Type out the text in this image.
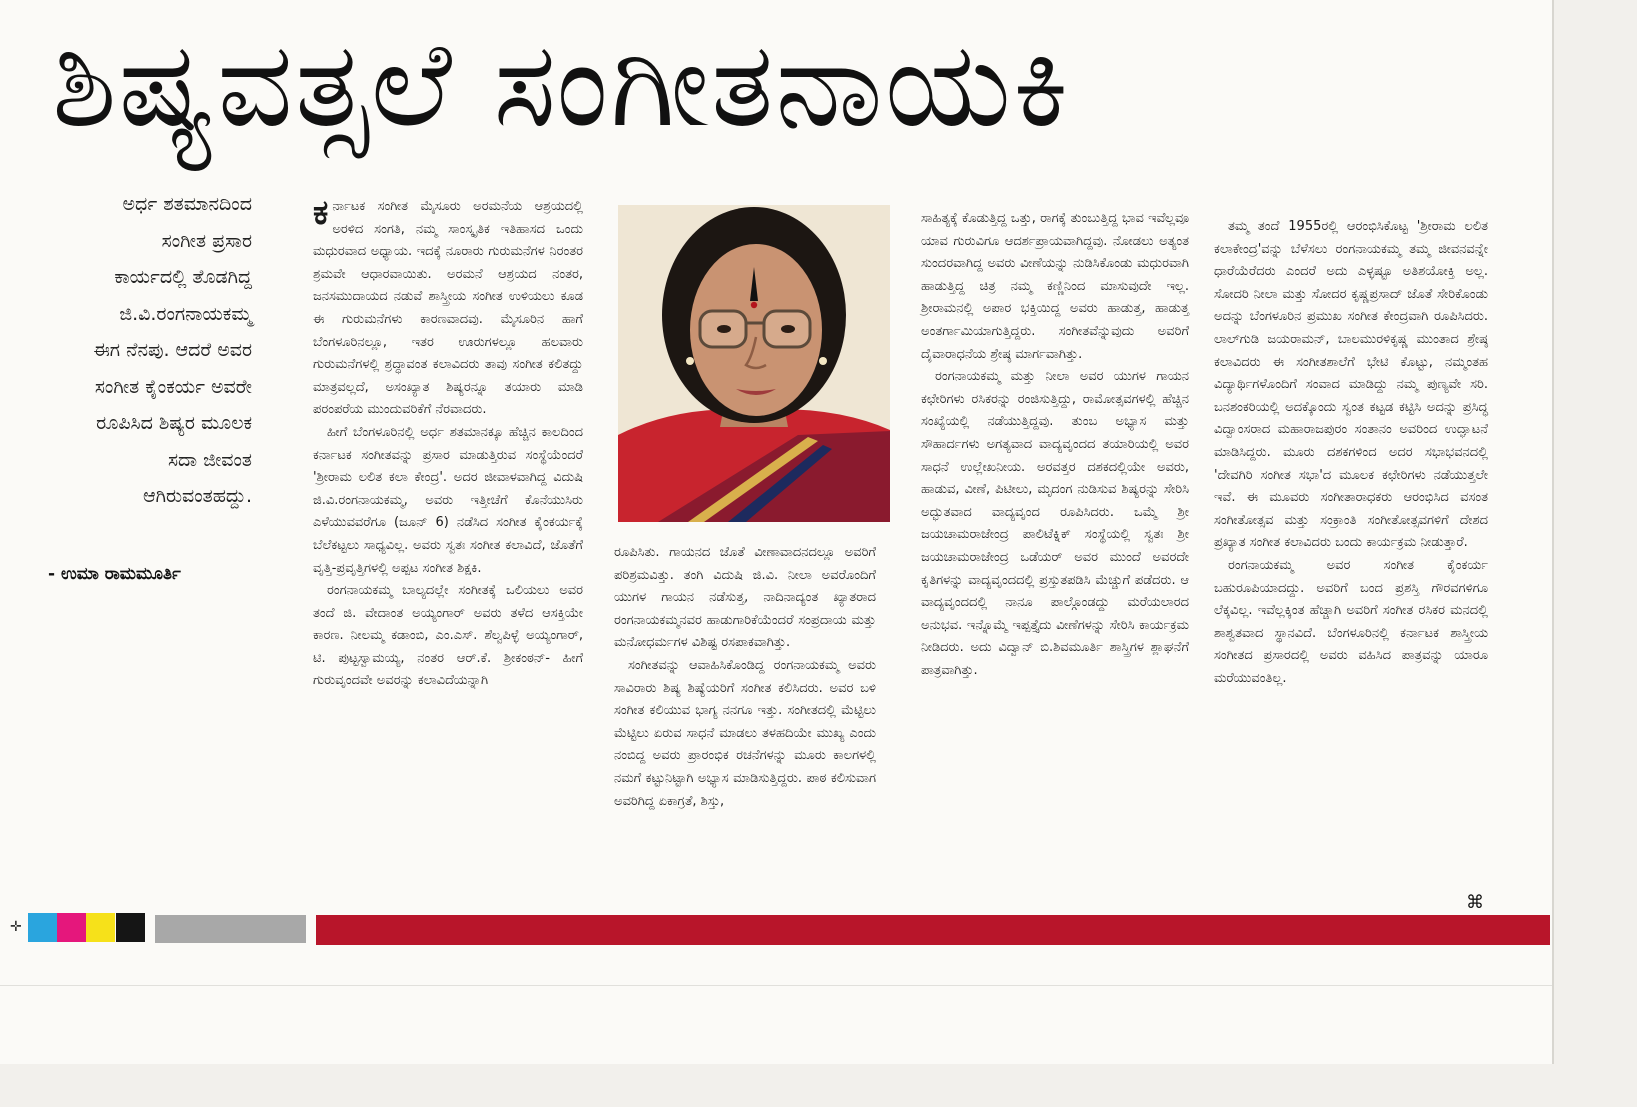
ಶಿಷ್ಯವತ್ಸಲೆ ಸಂಗೀತನಾಯಕಿ
ಅರ್ಧ ಶತಮಾನದಿಂದ
ಸಂಗೀತ ಪ್ರಸಾರ
ಕಾರ್ಯದಲ್ಲಿ ತೊಡಗಿದ್ದ
ಜಿ.ವಿ.ರಂಗನಾಯಕಮ್ಮ
ಈಗ ನೆನಪು. ಆದರೆ ಅವರ
ಸಂಗೀತ ಕೈಂಕರ್ಯ ಅವರೇ
ರೂಪಿಸಿದ ಶಿಷ್ಯರ ಮೂಲಕ
ಸದಾ ಜೀವಂತ
ಆಗಿರುವಂತಹದ್ದು.
- ಉಮಾ ರಾಮಮೂರ್ತಿ

ಕರ್ನಾಟಕ ಸಂಗೀತ ಮೈಸೂರು ಅರಮನೆಯ ಆಶ್ರಯದಲ್ಲಿ ಅರಳಿದ ಸಂಗತಿ, ನಮ್ಮ ಸಾಂಸ್ಕೃತಿಕ ಇತಿಹಾಸದ ಒಂದು ಮಧುರವಾದ ಅಧ್ಯಾಯ. ಇದಕ್ಕೆ ನೂರಾರು ಗುರುಮನೆಗಳ ನಿರಂತರ ಶ್ರಮವೇ ಆಧಾರವಾಯಿತು. ಅರಮನೆ ಆಶ್ರಯದ ನಂತರ, ಜನಸಮುದಾಯದ ನಡುವೆ ಶಾಸ್ತ್ರೀಯ ಸಂಗೀತ ಉಳಿಯಲು ಕೂಡ ಈ ಗುರುಮನೆಗಳು ಕಾರಣವಾದವು. ಮೈಸೂರಿನ ಹಾಗೆ ಬೆಂಗಳೂರಿನಲ್ಲೂ, ಇತರ ಊರುಗಳಲ್ಲೂ ಹಲವಾರು ಗುರುಮನೆಗಳಲ್ಲಿ ಶ್ರದ್ಧಾವಂತ ಕಲಾವಿದರು ತಾವು ಸಂಗೀತ ಕಲಿತದ್ದು ಮಾತ್ರವಲ್ಲದೆ, ಅಸಂಖ್ಯಾತ ಶಿಷ್ಯರನ್ನೂ ತಯಾರು ಮಾಡಿ ಪರಂಪರೆಯ ಮುಂದುವರಿಕೆಗೆ ನೆರವಾದರು.

ಹೀಗೆ ಬೆಂಗಳೂರಿನಲ್ಲಿ ಅರ್ಧ ಶತಮಾನಕ್ಕೂ ಹೆಚ್ಚಿನ ಕಾಲದಿಂದ ಕರ್ನಾಟಕ ಸಂಗೀತವನ್ನು ಪ್ರಸಾರ ಮಾಡುತ್ತಿರುವ ಸಂಸ್ಥೆಯೆಂದರೆ 'ಶ್ರೀರಾಮ ಲಲಿತ ಕಲಾ ಕೇಂದ್ರ'. ಅದರ ಜೀವಾಳವಾಗಿದ್ದ ವಿದುಷಿ ಜಿ.ವಿ.ರಂಗನಾಯಕಮ್ಮ, ಅವರು ಇತ್ತೀಚೆಗೆ ಕೊನೆಯುಸಿರು ಎಳೆಯುವವರೆಗೂ (ಜೂನ್ 6) ನಡೆಸಿದ ಸಂಗೀತ ಕೈಂಕರ್ಯಕ್ಕೆ ಬೆಲೆಕಟ್ಟಲು ಸಾಧ್ಯವಿಲ್ಲ. ಅವರು ಸ್ವತಃ ಸಂಗೀತ ಕಲಾವಿದೆ, ಜೊತೆಗೆ ವೃತ್ತಿ-ಪ್ರವೃತ್ತಿಗಳಲ್ಲಿ ಅಪ್ಪಟ ಸಂಗೀತ ಶಿಕ್ಷಕಿ.

ರಂಗನಾಯಕಮ್ಮ ಬಾಲ್ಯದಲ್ಲೇ ಸಂಗೀತಕ್ಕೆ ಒಲಿಯಲು ಅವರ ತಂದೆ ಜಿ. ವೇದಾಂತ ಅಯ್ಯಂಗಾರ್ ಅವರು ತಳೆದ ಆಸಕ್ತಿಯೇ ಕಾರಣ. ನೀಲಮ್ಮ ಕಡಾಂಬಿ, ಎಂ.ಎಸ್. ಶೆಲ್ವಪಿಳ್ಳೆ ಅಯ್ಯಂಗಾರ್, ಟಿ. ಪುಟ್ಟಸ್ವಾಮಯ್ಯ, ನಂತರ ಆರ್.ಕೆ. ಶ್ರೀಕಂಠನ್- ಹೀಗೆ ಗುರುವೃಂದವೇ ಅವರನ್ನು ಕಲಾವಿದೆಯನ್ನಾಗಿ

ರೂಪಿಸಿತು. ಗಾಯನದ ಜೊತೆ ವೀಣಾವಾದನದಲ್ಲೂ ಅವರಿಗೆ ಪರಿಶ್ರಮವಿತ್ತು. ತಂಗಿ ವಿದುಷಿ ಜಿ.ವಿ. ನೀಲಾ ಅವರೊಂದಿಗೆ ಯುಗಳ ಗಾಯನ ನಡೆಸುತ್ತ, ನಾದಿನಾದ್ಯಂತ ಖ್ಯಾತರಾದ ರಂಗನಾಯಕಮ್ಮನವರ ಹಾಡುಗಾರಿಕೆಯೆಂದರೆ ಸಂಪ್ರದಾಯ ಮತ್ತು ಮನೋಧರ್ಮಗಳ ವಿಶಿಷ್ಟ ರಸಪಾಕವಾಗಿತ್ತು.

ಸಂಗೀತವನ್ನು ಆವಾಹಿಸಿಕೊಂಡಿದ್ದ ರಂಗನಾಯಕಮ್ಮ ಅವರು ಸಾವಿರಾರು ಶಿಷ್ಯ ಶಿಷ್ಯೆಯರಿಗೆ ಸಂಗೀತ ಕಲಿಸಿದರು. ಅವರ ಬಳಿ ಸಂಗೀತ ಕಲಿಯುವ ಭಾಗ್ಯ ನನಗೂ ಇತ್ತು. ಸಂಗೀತದಲ್ಲಿ ಮೆಟ್ಟಿಲು ಮೆಟ್ಟಿಲು ಏರುವ ಸಾಧನೆ ಮಾಡಲು ತಳಹದಿಯೇ ಮುಖ್ಯ ಎಂದು ನಂಬಿದ್ದ ಅವರು ಪ್ರಾರಂಭಿಕ ರಚನೆಗಳನ್ನು ಮೂರು ಕಾಲಗಳಲ್ಲಿ ನಮಗೆ ಕಟ್ಟುನಿಟ್ಟಾಗಿ ಅಭ್ಯಾಸ ಮಾಡಿಸುತ್ತಿದ್ದರು. ಪಾಠ ಕಲಿಸುವಾಗ ಅವರಿಗಿದ್ದ ಏಕಾಗ್ರತೆ, ಶಿಸ್ತು,

ಸಾಹಿತ್ಯಕ್ಕೆ ಕೊಡುತ್ತಿದ್ದ ಒತ್ತು, ರಾಗಕ್ಕೆ ತುಂಬುತ್ತಿದ್ದ ಭಾವ ಇವೆಲ್ಲವೂ ಯಾವ ಗುರುವಿಗೂ ಆದರ್ಶಪ್ರಾಯವಾಗಿದ್ದವು. ನೋಡಲು ಅತ್ಯಂತ ಸುಂದರವಾಗಿದ್ದ ಅವರು ವೀಣೆಯನ್ನು ನುಡಿಸಿಕೊಂಡು ಮಧುರವಾಗಿ ಹಾಡುತ್ತಿದ್ದ ಚಿತ್ರ ನಮ್ಮ ಕಣ್ಣಿನಿಂದ ಮಾಸುವುದೇ ಇಲ್ಲ. ಶ್ರೀರಾಮನಲ್ಲಿ ಅಪಾರ ಭಕ್ತಿಯಿದ್ದ ಅವರು ಹಾಡುತ್ತ, ಹಾಡುತ್ತ ಅಂತರ್ಗಾಮಿಯಾಗುತ್ತಿದ್ದರು. ಸಂಗೀತವೆನ್ನುವುದು ಅವರಿಗೆ ದೈವಾರಾಧನೆಯ ಶ್ರೇಷ್ಠ ಮಾರ್ಗವಾಗಿತ್ತು.

ರಂಗನಾಯಕಮ್ಮ ಮತ್ತು ನೀಲಾ ಅವರ ಯುಗಳ ಗಾಯನ ಕಛೇರಿಗಳು ರಸಿಕರನ್ನು ರಂಜಿಸುತ್ತಿದ್ದು, ರಾಮೋತ್ಸವಗಳಲ್ಲಿ ಹೆಚ್ಚಿನ ಸಂಖ್ಯೆಯಲ್ಲಿ ನಡೆಯುತ್ತಿದ್ದವು. ತುಂಬ ಅಭ್ಯಾಸ ಮತ್ತು ಸೌಹಾರ್ದಗಳು ಅಗತ್ಯವಾದ ವಾದ್ಯವೃಂದದ ತಯಾರಿಯಲ್ಲಿ ಅವರ ಸಾಧನೆ ಉಲ್ಲೇಖನೀಯ. ಅರವತ್ತರ ದಶಕದಲ್ಲಿಯೇ ಅವರು, ಹಾಡುವ, ವೀಣೆ, ಪಿಟೀಲು, ಮೃದಂಗ ನುಡಿಸುವ ಶಿಷ್ಯರನ್ನು ಸೇರಿಸಿ ಅದ್ಭುತವಾದ ವಾದ್ಯವೃಂದ ರೂಪಿಸಿದರು. ಒಮ್ಮೆ ಶ್ರೀ ಜಯಚಾಮರಾಜೇಂದ್ರ ಪಾಲಿಟೆಕ್ನಿಕ್ ಸಂಸ್ಥೆಯಲ್ಲಿ ಸ್ವತಃ ಶ್ರೀ ಜಯಚಾಮರಾಜೇಂದ್ರ ಒಡೆಯರ್ ಅವರ ಮುಂದೆ ಅವರದೇ ಕೃತಿಗಳನ್ನು ವಾದ್ಯವೃಂದದಲ್ಲಿ ಪ್ರಸ್ತುತಪಡಿಸಿ ಮೆಚ್ಚುಗೆ ಪಡೆದರು. ಆ ವಾದ್ಯವೃಂದದಲ್ಲಿ ನಾನೂ ಪಾಲ್ಗೊಂಡದ್ದು ಮರೆಯಲಾರದ ಅನುಭವ. ಇನ್ನೊಮ್ಮೆ ಇಪ್ಪತ್ತೈದು ವೀಣೆಗಳನ್ನು ಸೇರಿಸಿ ಕಾರ್ಯಕ್ರಮ ನೀಡಿದರು. ಅದು ವಿದ್ವಾನ್ ಬಿ.ಶಿವಮೂರ್ತಿ ಶಾಸ್ತ್ರಿಗಳ ಶ್ಲಾಘನೆಗೆ ಪಾತ್ರವಾಗಿತ್ತು.

ತಮ್ಮ ತಂದೆ 1955ರಲ್ಲಿ ಆರಂಭಿಸಿಕೊಟ್ಟ 'ಶ್ರೀರಾಮ ಲಲಿತ ಕಲಾಕೇಂದ್ರ'ವನ್ನು ಬೆಳೆಸಲು ರಂಗನಾಯಕಮ್ಮ ತಮ್ಮ ಜೀವನವನ್ನೇ ಧಾರೆಯೆರೆದರು ಎಂದರೆ ಅದು ಎಳ್ಳಷ್ಟೂ ಅತಿಶಯೋಕ್ತಿ ಅಲ್ಲ. ಸೋದರಿ ನೀಲಾ ಮತ್ತು ಸೋದರ ಕೃಷ್ಣಪ್ರಸಾದ್ ಜೊತೆ ಸೇರಿಕೊಂಡು ಅದನ್ನು ಬೆಂಗಳೂರಿನ ಪ್ರಮುಖ ಸಂಗೀತ ಕೇಂದ್ರವಾಗಿ ರೂಪಿಸಿದರು. ಲಾಲ್‌ಗುಡಿ ಜಯರಾಮನ್, ಬಾಲಮುರಳಿಕೃಷ್ಣ ಮುಂತಾದ ಶ್ರೇಷ್ಠ ಕಲಾವಿದರು ಈ ಸಂಗೀತಶಾಲೆಗೆ ಭೇಟಿ ಕೊಟ್ಟು, ನಮ್ಮಂತಹ ವಿದ್ಯಾರ್ಥಿಗಳೊಂದಿಗೆ ಸಂವಾದ ಮಾಡಿದ್ದು ನಮ್ಮ ಪುಣ್ಯವೇ ಸರಿ. ಬನಶಂಕರಿಯಲ್ಲಿ ಅದಕ್ಕೊಂದು ಸ್ವಂತ ಕಟ್ಟಡ ಕಟ್ಟಿಸಿ ಅದನ್ನು ಪ್ರಸಿದ್ಧ ವಿದ್ವಾಂಸರಾದ ಮಹಾರಾಜಪುರಂ ಸಂತಾನಂ ಅವರಿಂದ ಉದ್ಘಾಟನೆ ಮಾಡಿಸಿದ್ದರು. ಮೂರು ದಶಕಗಳಿಂದ ಅದರ ಸಭಾಭವನದಲ್ಲಿ 'ದೇವಗಿರಿ ಸಂಗೀತ ಸಭಾ'ದ ಮೂಲಕ ಕಛೇರಿಗಳು ನಡೆಯುತ್ತಲೇ ಇವೆ. ಈ ಮೂವರು ಸಂಗೀತಾರಾಧಕರು ಆರಂಭಿಸಿದ ವಸಂತ ಸಂಗೀತೋತ್ಸವ ಮತ್ತು ಸಂಕ್ರಾಂತಿ ಸಂಗೀತೋತ್ಸವಗಳಿಗೆ ದೇಶದ ಪ್ರಖ್ಯಾತ ಸಂಗೀತ ಕಲಾವಿದರು ಬಂದು ಕಾರ್ಯಕ್ರಮ ನೀಡುತ್ತಾರೆ.

ರಂಗನಾಯಕಮ್ಮ ಅವರ ಸಂಗೀತ ಕೈಂಕರ್ಯ ಬಹುರೂಪಿಯಾದದ್ದು. ಅವರಿಗೆ ಬಂದ ಪ್ರಶಸ್ತಿ ಗೌರವಗಳಿಗೂ ಲೆಕ್ಕವಿಲ್ಲ. ಇವೆಲ್ಲಕ್ಕಿಂತ ಹೆಚ್ಚಾಗಿ ಅವರಿಗೆ ಸಂಗೀತ ರಸಿಕರ ಮನದಲ್ಲಿ ಶಾಶ್ವತವಾದ ಸ್ಥಾನವಿದೆ. ಬೆಂಗಳೂರಿನಲ್ಲಿ ಕರ್ನಾಟಕ ಶಾಸ್ತ್ರೀಯ ಸಂಗೀತದ ಪ್ರಸಾರದಲ್ಲಿ ಅವರು ವಹಿಸಿದ ಪಾತ್ರವನ್ನು ಯಾರೂ ಮರೆಯುವಂತಿಲ್ಲ.

⌘
✛
